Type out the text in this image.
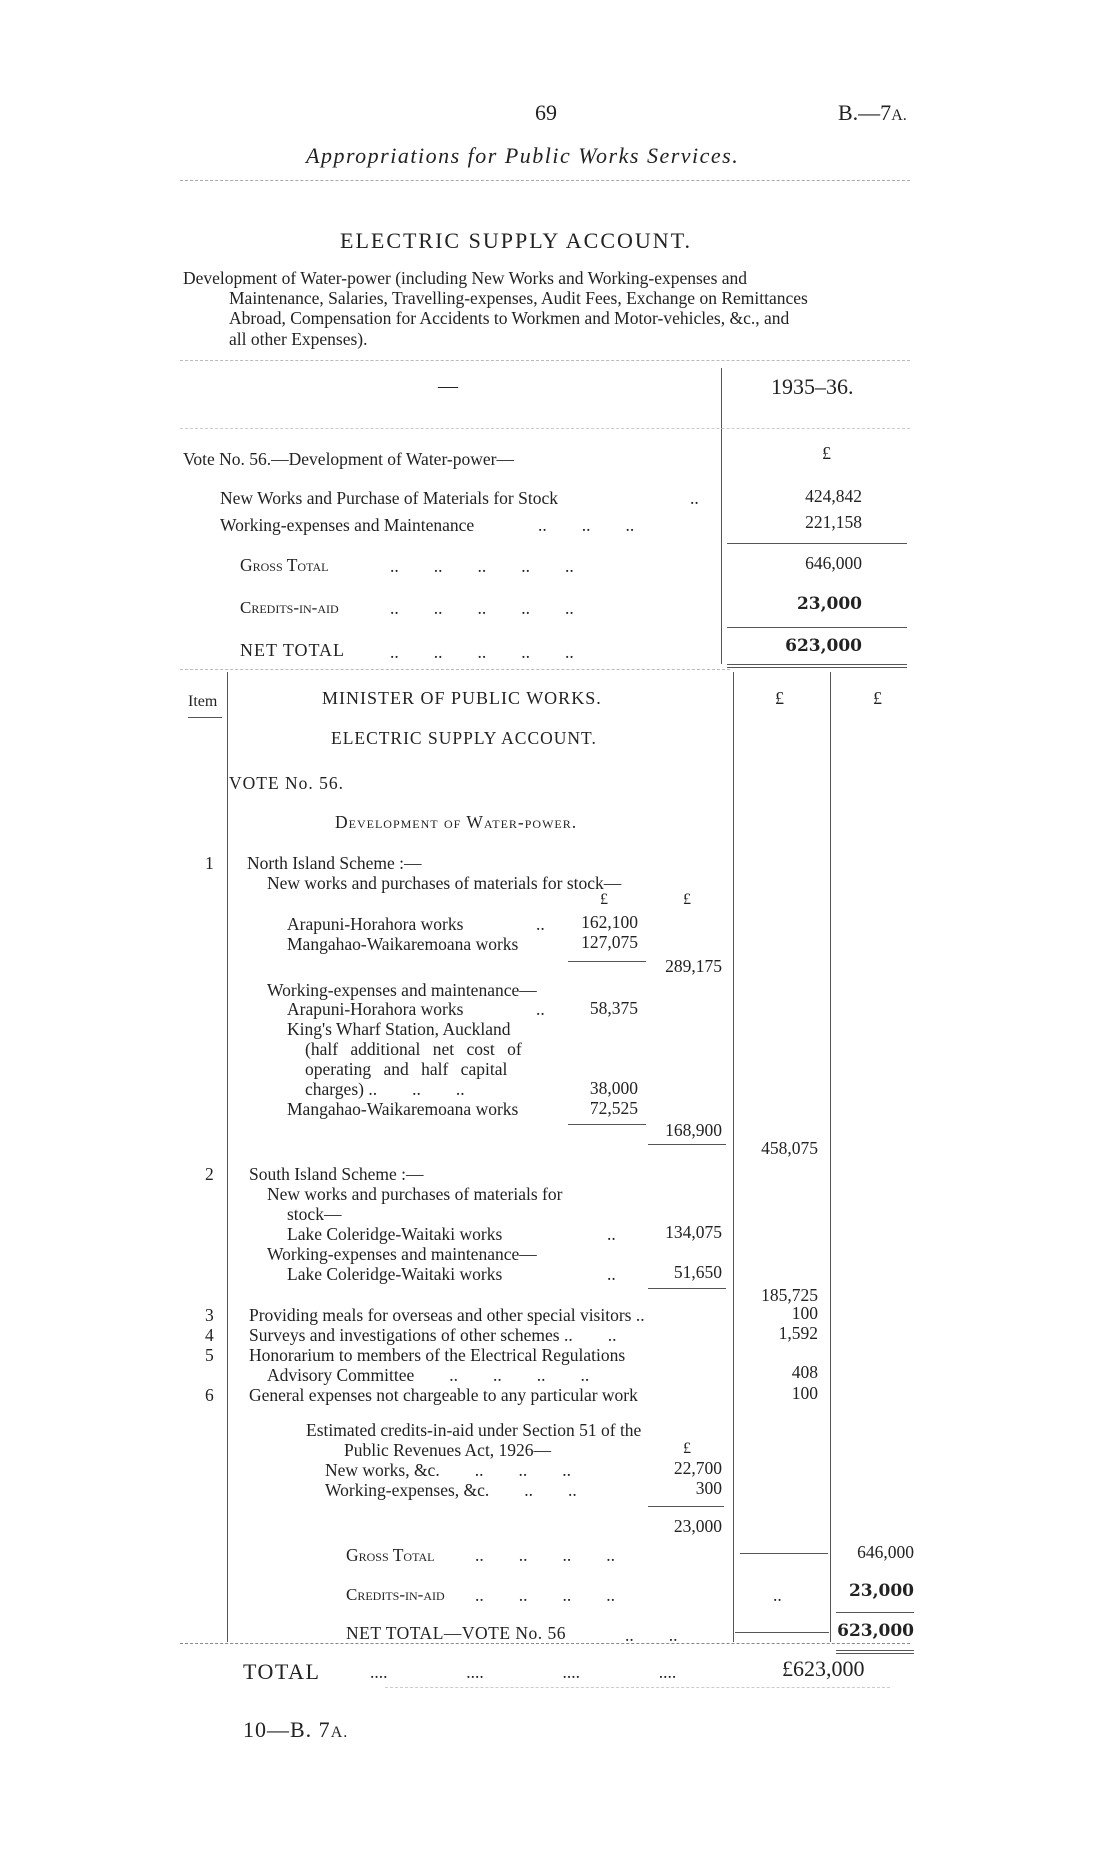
69	B.—7A.
Appropriations for Public Works Services.
ELECTRIC SUPPLY ACCOUNT.
Development of Water-power (including New Works and Working-expenses and
Maintenance, Salaries, Travelling-expenses, Audit Fees, Exchange on Remittances
Abroad, Compensation for Accidents to Workmen and Motor-vehicles, &c., and
all other Expenses).
—	1935–36.
£
Vote No. 56.—Development of Water-power—
New Works and Purchase of Materials for Stock	..	424,842
Working-expenses and Maintenance	..        ..        ..	221,158
Gross Total	..        ..        ..        ..        ..	646,000
Credits-in-aid	..        ..        ..        ..        ..	23,000
NET TOTAL	..        ..        ..        ..        ..	623,000
Item	£	£
MINISTER OF PUBLIC WORKS.
ELECTRIC SUPPLY ACCOUNT.
VOTE No. 56.
Development of Water-power.
1 North Island Scheme :—
New works and purchases of materials for stock—
£	£
Arapuni-Horahora works	..	162,100
Mangahao-Waikaremoana works	127,075
289,175
Working-expenses and maintenance—
Arapuni-Horahora works	..	58,375
King's Wharf Station, Auckland
(half additional net cost of
operating and half capital
charges) ..        ..        ..	38,000
Mangahao-Waikaremoana works	72,525
168,900
458,075
2 South Island Scheme :—
New works and purchases of materials for
stock—
Lake Coleridge-Waitaki works	..	134,075
Working-expenses and maintenance—
Lake Coleridge-Waitaki works	..	51,650
185,725
3 Providing meals for overseas and other special visitors ..	100
4 Surveys and investigations of other schemes ..        ..	1,592
5 Honorarium to members of the Electrical Regulations
Advisory Committee        ..        ..        ..        ..	408
6 General expenses not chargeable to any particular work	100
Estimated credits-in-aid under Section 51 of the
Public Revenues Act, 1926—	£
New works, &c.        ..        ..        ..	22,700
Working-expenses, &c.        ..        ..	300
23,000
Gross Total ..        ..        ..        ..	646,000
Credits-in-aid ..        ..        ..        ..	..	23,000
NET TOTAL—VOTE No. 56	..        ..	623,000
TOTAL	....                  ....                  ....                  ....	£623,000
10—B. 7A.
